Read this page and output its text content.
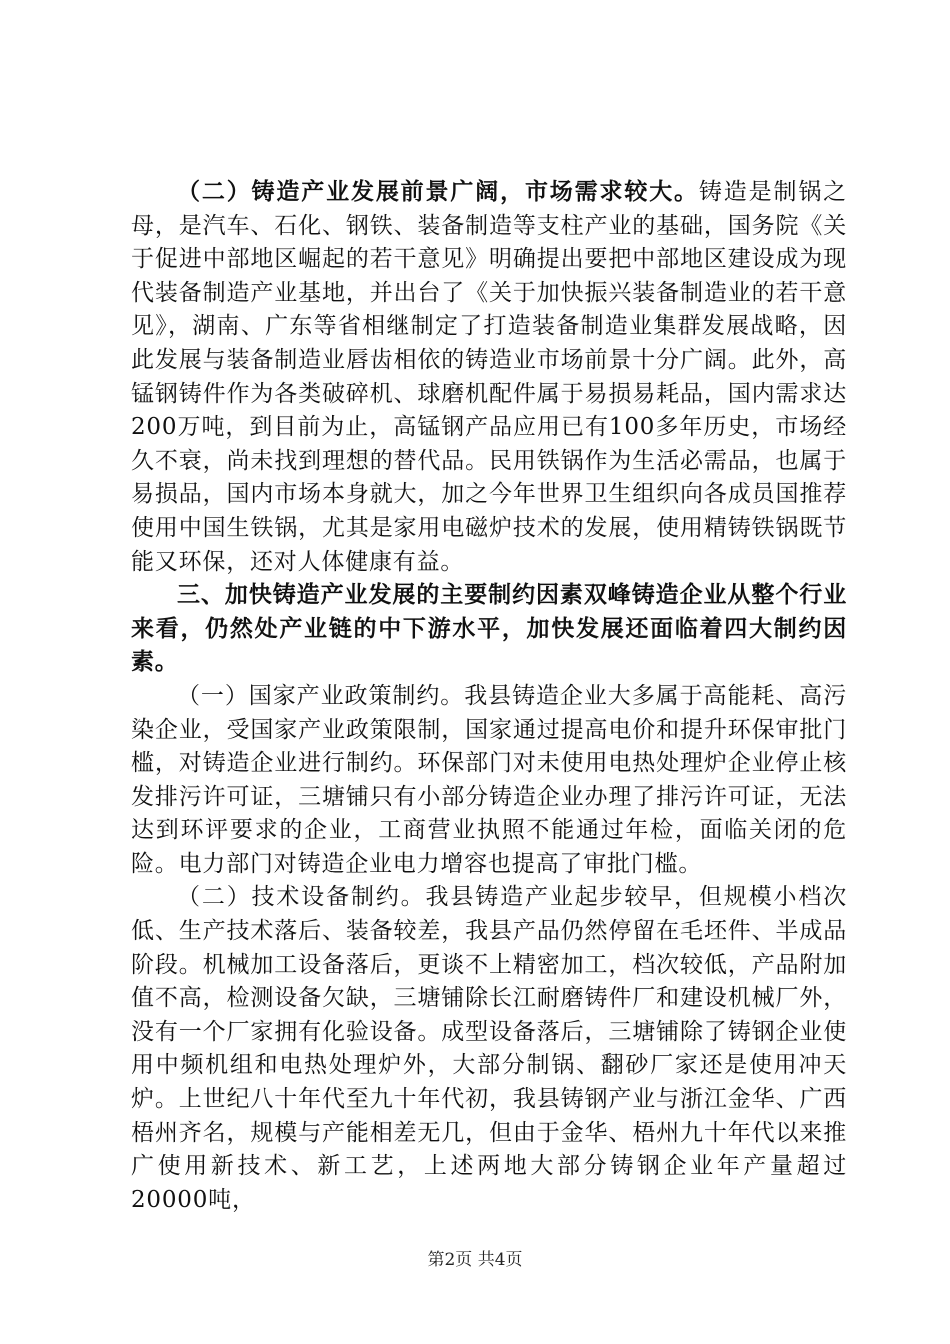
（二）铸造产业发展前景广阔，市场需求较大。铸造是制锅之母，是汽车、石化、钢铁、装备制造等支柱产业的基础，国务院《关于促进中部地区崛起的若干意见》明确提出要把中部地区建设成为现代装备制造产业基地，并出台了《关于加快振兴装备制造业的若干意见》，湖南、广东等省相继制定了打造装备制造业集群发展战略，因此发展与装备制造业唇齿相依的铸造业市场前景十分广阔。此外，高锰钢铸件作为各类破碎机、球磨机配件属于易损易耗品，国内需求达200万吨，到目前为止，高锰钢产品应用已有100多年历史，市场经久不衰，尚未找到理想的替代品。民用铁锅作为生活必需品，也属于易损品，国内市场本身就大，加之今年世界卫生组织向各成员国推荐使用中国生铁锅，尤其是家用电磁炉技术的发展，使用精铸铁锅既节能又环保，还对人体健康有益。

三、加快铸造产业发展的主要制约因素双峰铸造企业从整个行业来看，仍然处产业链的中下游水平，加快发展还面临着四大制约因素。

（一）国家产业政策制约。我县铸造企业大多属于高能耗、高污染企业，受国家产业政策限制，国家通过提高电价和提升环保审批门槛，对铸造企业进行制约。环保部门对未使用电热处理炉企业停止核发排污许可证，三塘铺只有小部分铸造企业办理了排污许可证，无法达到环评要求的企业，工商营业执照不能通过年检，面临关闭的危险。电力部门对铸造企业电力增容也提高了审批门槛。

（二）技术设备制约。我县铸造产业起步较早，但规模小档次低、生产技术落后、装备较差，我县产品仍然停留在毛坯件、半成品阶段。机械加工设备落后，更谈不上精密加工，档次较低，产品附加值不高，检测设备欠缺，三塘铺除长江耐磨铸件厂和建设机械厂外，没有一个厂家拥有化验设备。成型设备落后，三塘铺除了铸钢企业使用中频机组和电热处理炉外，大部分制锅、翻砂厂家还是使用冲天炉。上世纪八十年代至九十年代初，我县铸钢产业与浙江金华、广西梧州齐名，规模与产能相差无几，但由于金华、梧州九十年代以来推广使用新技术、新工艺，上述两地大部分铸钢企业年产量超过20000吨，

第2页 共4页
